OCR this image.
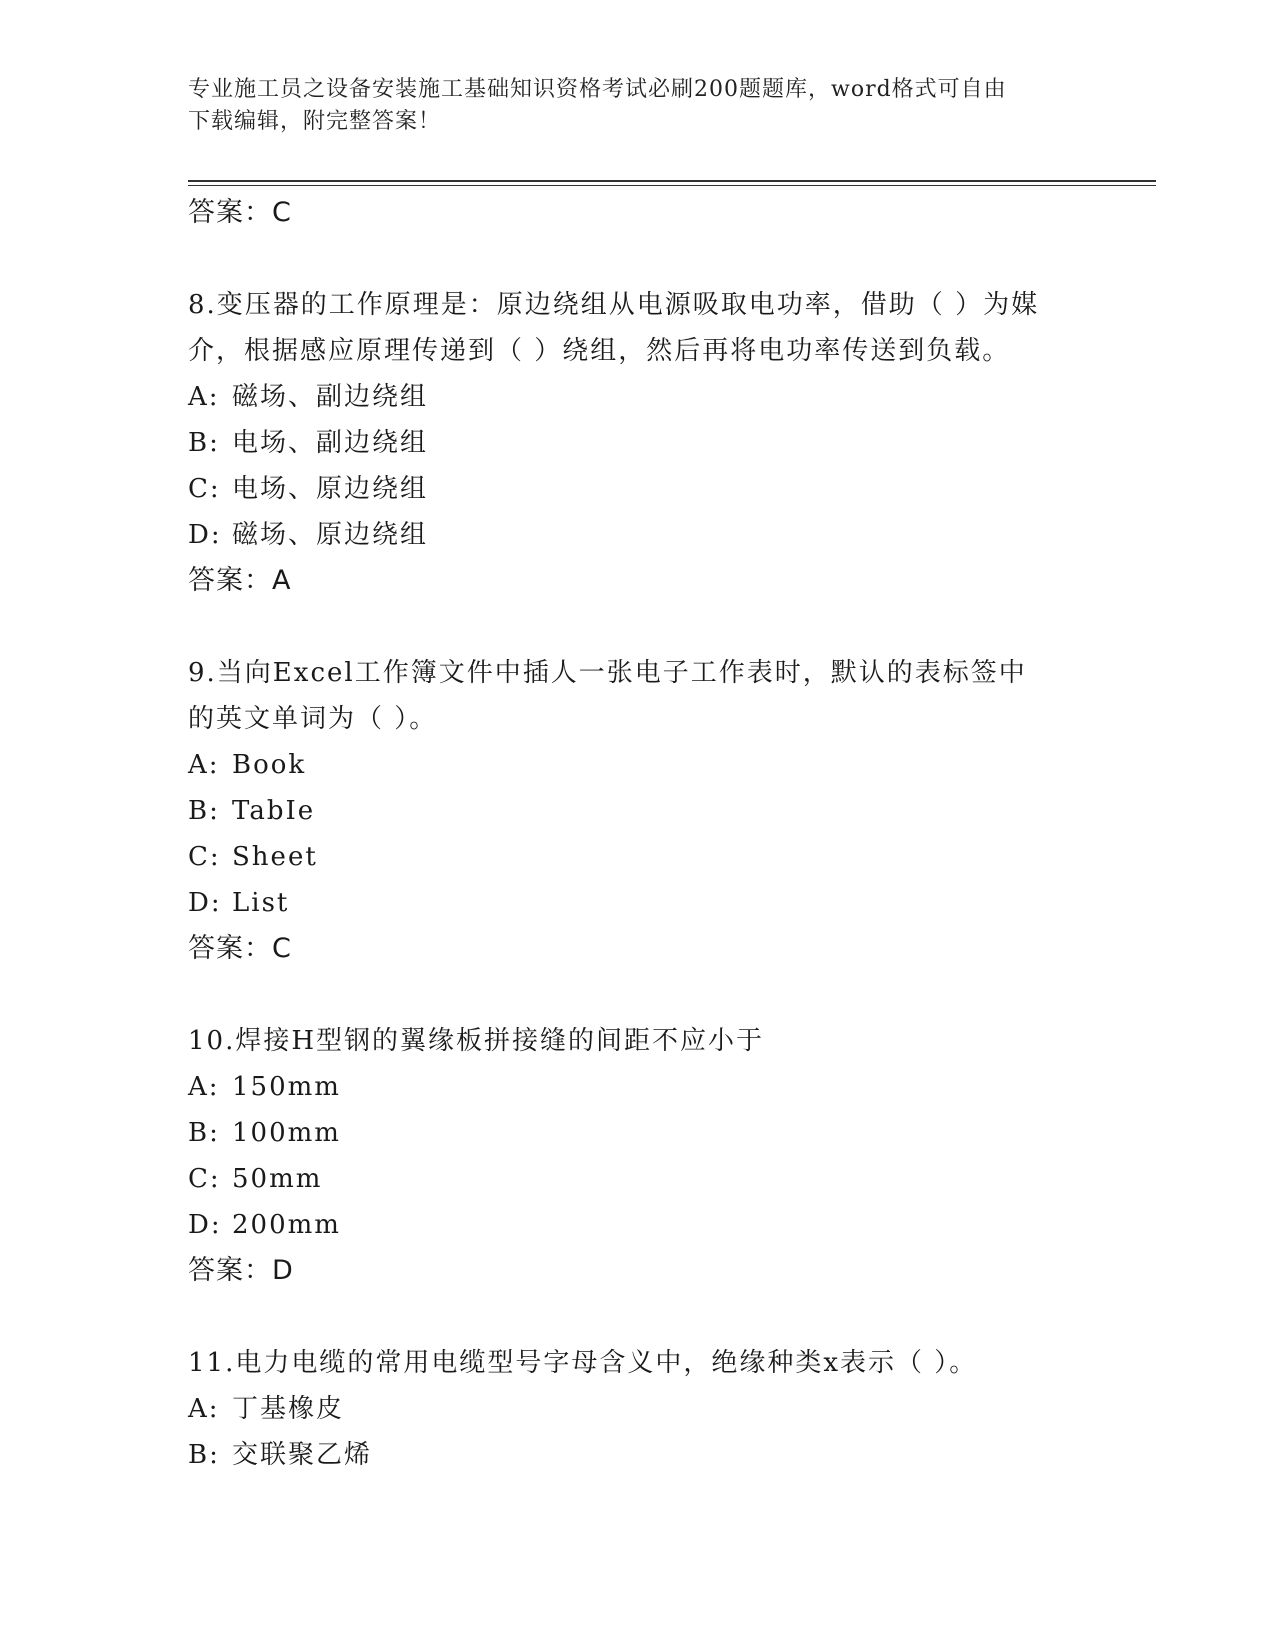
专业施工员之设备安装施工基础知识资格考试必刷200题题库，word格式可自由
下载编辑，附完整答案！
答案：C
8.变压器的工作原理是：原边绕组从电源吸取电功率，借助（ ）为媒
介，根据感应原理传递到（ ）绕组，然后再将电功率传送到负载。
A: 磁场、副边绕组
B: 电场、副边绕组
C: 电场、原边绕组
D: 磁场、原边绕组
答案：A
9.当向Excel工作簿文件中插人一张电子工作表时，默认的表标签中
的英文单词为（ ）。
A: Book
B: TabIe
C: Sheet
D: List
答案：C
10.焊接H型钢的翼缘板拼接缝的间距不应小于
A: 150mm
B: 100mm
C: 50mm
D: 200mm
答案：D
11.电力电缆的常用电缆型号字母含义中，绝缘种类x表示（ ）。
A: 丁基橡皮
B: 交联聚乙烯
